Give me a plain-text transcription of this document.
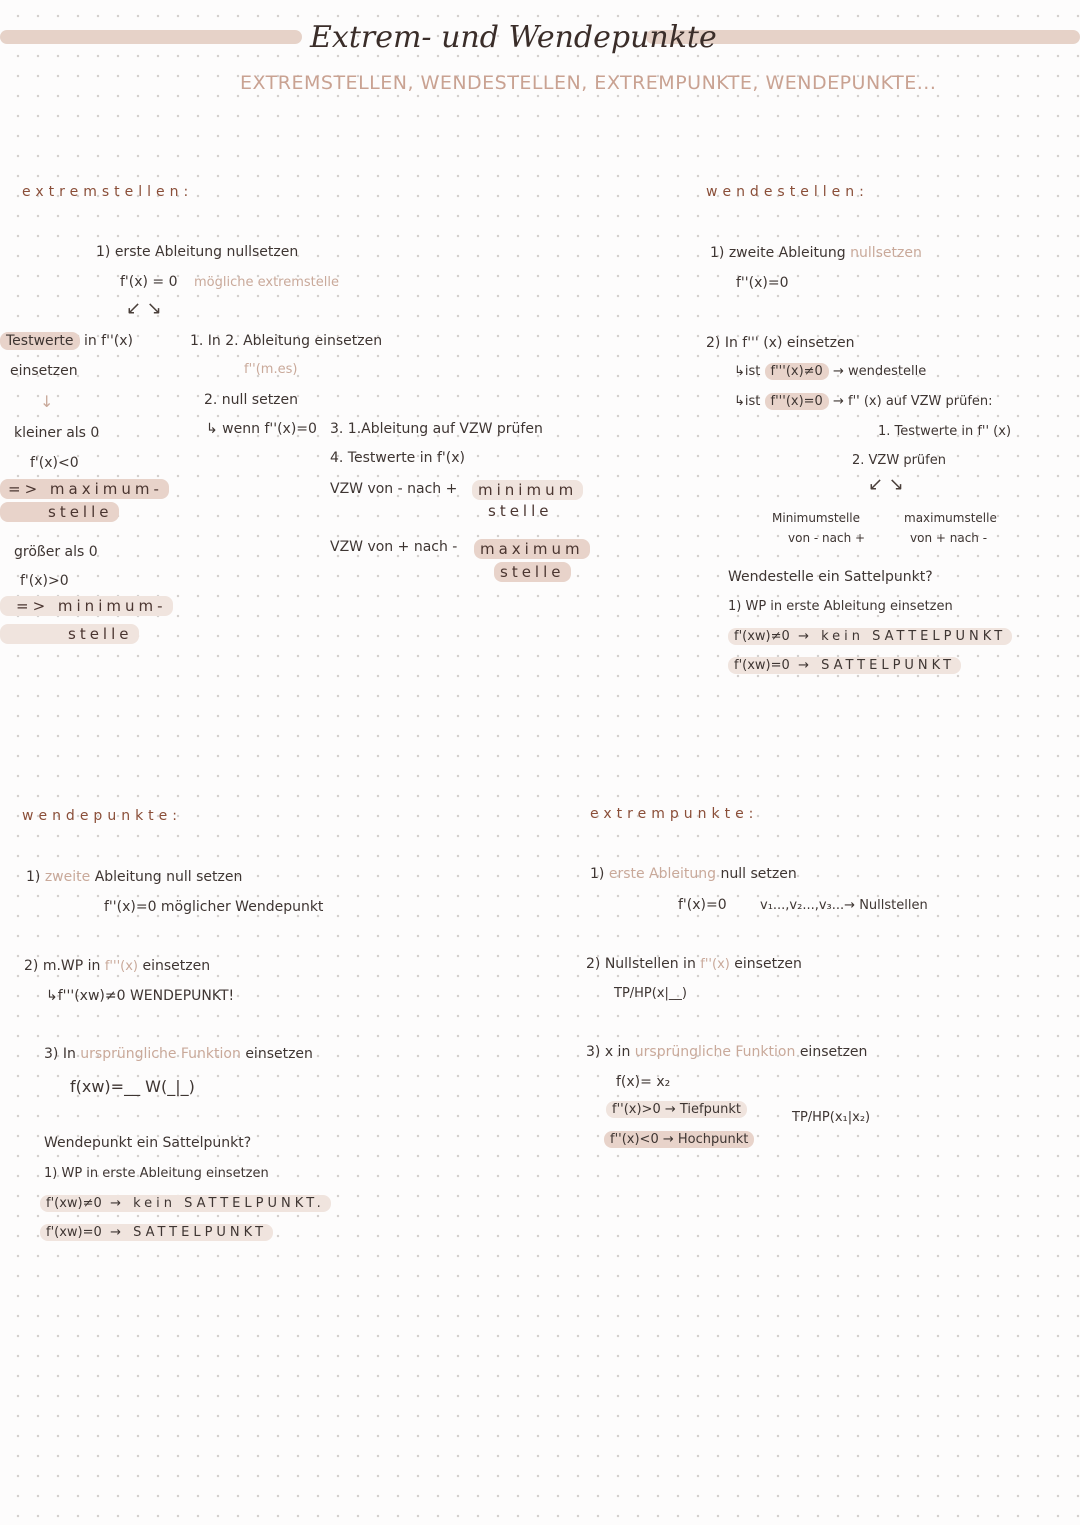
Extrem- und Wendepunkte
EXTREMSTELLEN, WENDESTELLEN, EXTREMPUNKTE, WENDEPUNKTE...
extremstellen:
1) erste Ableitung nullsetzen
f'(x) = 0 mögliche extremstelle
↙ ↘
Testwerte in f''(x)
einsetzen
↓
kleiner als 0
f'(x)<0
=> maximum-
stelle
größer als 0
f'(x)>0
=> minimum-
stelle
1. In 2. Ableitung einsetzen
f''(m.es)
2. null setzen
↳ wenn f''(x)=0 3. 1.Ableitung auf VZW prüfen
4. Testwerte in f'(x)
VZW von - nach +	minimum
stelle
VZW von + nach -	maximum
stelle
wendestellen:
1) zweite Ableitung nullsetzen
f''(x)=0
2) In f''' (x) einsetzen
↳ist f'''(x)≠0 → wendestelle
↳ist f'''(x)=0 → f'' (x) auf VZW prüfen:
1. Testwerte in f'' (x)
2. VZW prüfen
↙ ↘
Minimumstelle
von - nach +
maximumstelle
von + nach -
Wendestelle ein Sattelpunkt?
1) WP in erste Ableitung einsetzen
f'(xw)≠0 → kein SATTELPUNKT
f'(xw)=0 → SATTELPUNKT
wendepunkte:
1) zweite Ableitung null setzen
f''(x)=0 möglicher Wendepunkt
2) m.WP in f'''(x) einsetzen
↳f'''(xw)≠0 WENDEPUNKT!
3) In ursprüngliche Funktion einsetzen
f(xw)=__ W(_|_)
Wendepunkt ein Sattelpunkt?
1) WP in erste Ableitung einsetzen
f'(xw)≠0 → kein SATTELPUNKT.
f'(xw)=0 → SATTELPUNKT
extrempunkte:
1) erste Ableitung null setzen
f'(x)=0	v₁...,v₂...,v₃...→ Nullstellen
2) Nullstellen in f''(x) einsetzen
TP/HP(x|__)
3) x in ursprüngliche Funktion einsetzen
f(x)= x₂
f''(x)>0 → Tiefpunkt
f''(x)<0 → Hochpunkt
TP/HP(x₁|x₂)
